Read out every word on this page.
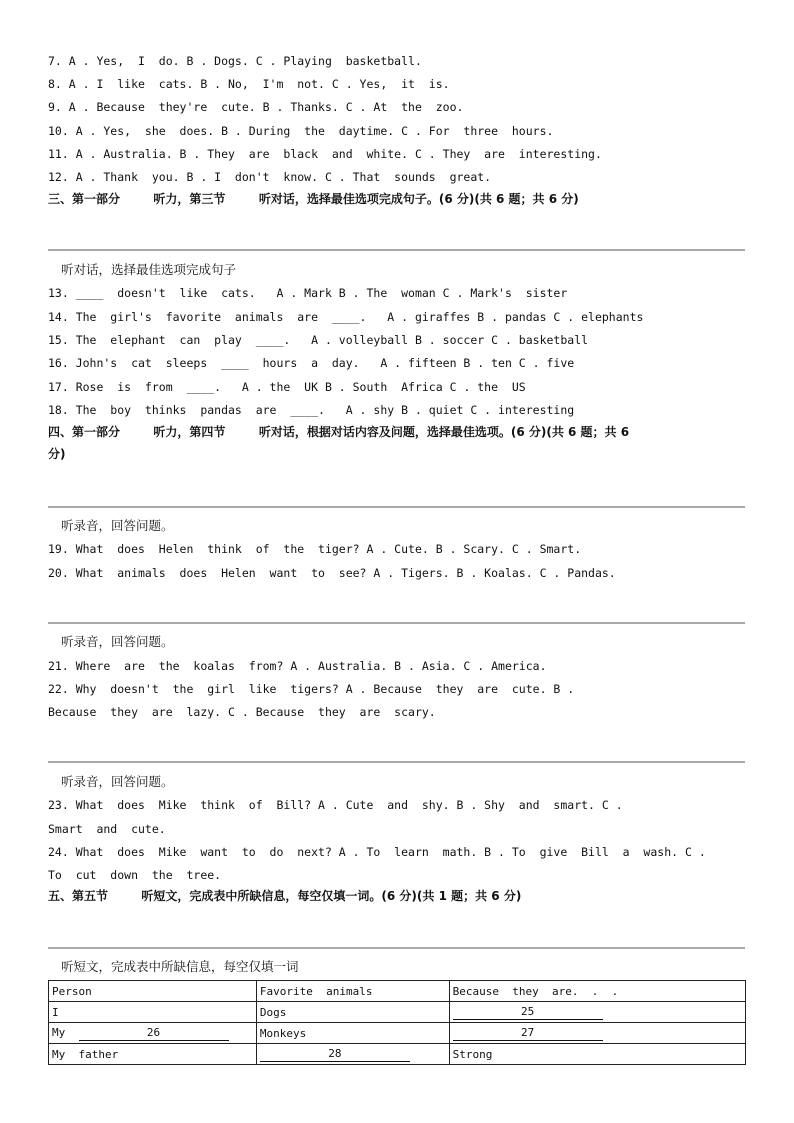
7. A . Yes,  I  do. B . Dogs. C . Playing  basketball.
8. A . I  like  cats. B . No,  I'm  not. C . Yes,  it  is.
9. A . Because  they're  cute. B . Thanks. C . At  the  zoo.
10. A . Yes,  she  does. B . During  the  daytime. C . For  three  hours.
11. A . Australia. B . They  are  black  and  white. C . They  are  interesting.
12. A . Thank  you. B . I  don't  know. C . That  sounds  great.
三、第一部分        听力，第三节        听对话，选择最佳选项完成句子。(6 分)(共 6 题；共 6 分)
听对话，选择最佳选项完成句子
13. ____  doesn't  like  cats.   A . Mark B . The  woman C . Mark's  sister
14. The  girl's  favorite  animals  are  ____.   A . giraffes B . pandas C . elephants
15. The  elephant  can  play  ____.   A . volleyball B . soccer C . basketball
16. John's  cat  sleeps  ____  hours  a  day.   A . fifteen B . ten C . five
17. Rose  is  from  ____.   A . the  UK B . South  Africa C . the  US
18. The  boy  thinks  pandas  are  ____.   A . shy B . quiet C . interesting
四、第一部分        听力，第四节        听对话，根据对话内容及问题，选择最佳选项。(6 分)(共 6 题；共 6
分)
听录音，回答问题。
19. What  does  Helen  think  of  the  tiger? A . Cute. B . Scary. C . Smart.
20. What  animals  does  Helen  want  to  see? A . Tigers. B . Koalas. C . Pandas.
听录音，回答问题。
21. Where  are  the  koalas  from? A . Australia. B . Asia. C . America.
22. Why  doesn't  the  girl  like  tigers? A . Because  they  are  cute. B .
Because  they  are  lazy. C . Because  they  are  scary.
听录音，回答问题。
23. What  does  Mike  think  of  Bill? A . Cute  and  shy. B . Shy  and  smart. C .
Smart  and  cute.
24. What  does  Mike  want  to  do  next? A . To  learn  math. B . To  give  Bill  a  wash. C .
To  cut  down  the  tree.
五、第五节        听短文，完成表中所缺信息，每空仅填一词。(6 分)(共 1 题；共 6 分)
听短文，完成表中所缺信息，每空仅填一词
Person	Favorite  animals	Because  they  are.  .  .
I	Dogs	25
My 26	Monkeys	27
My  father	28	Strong
